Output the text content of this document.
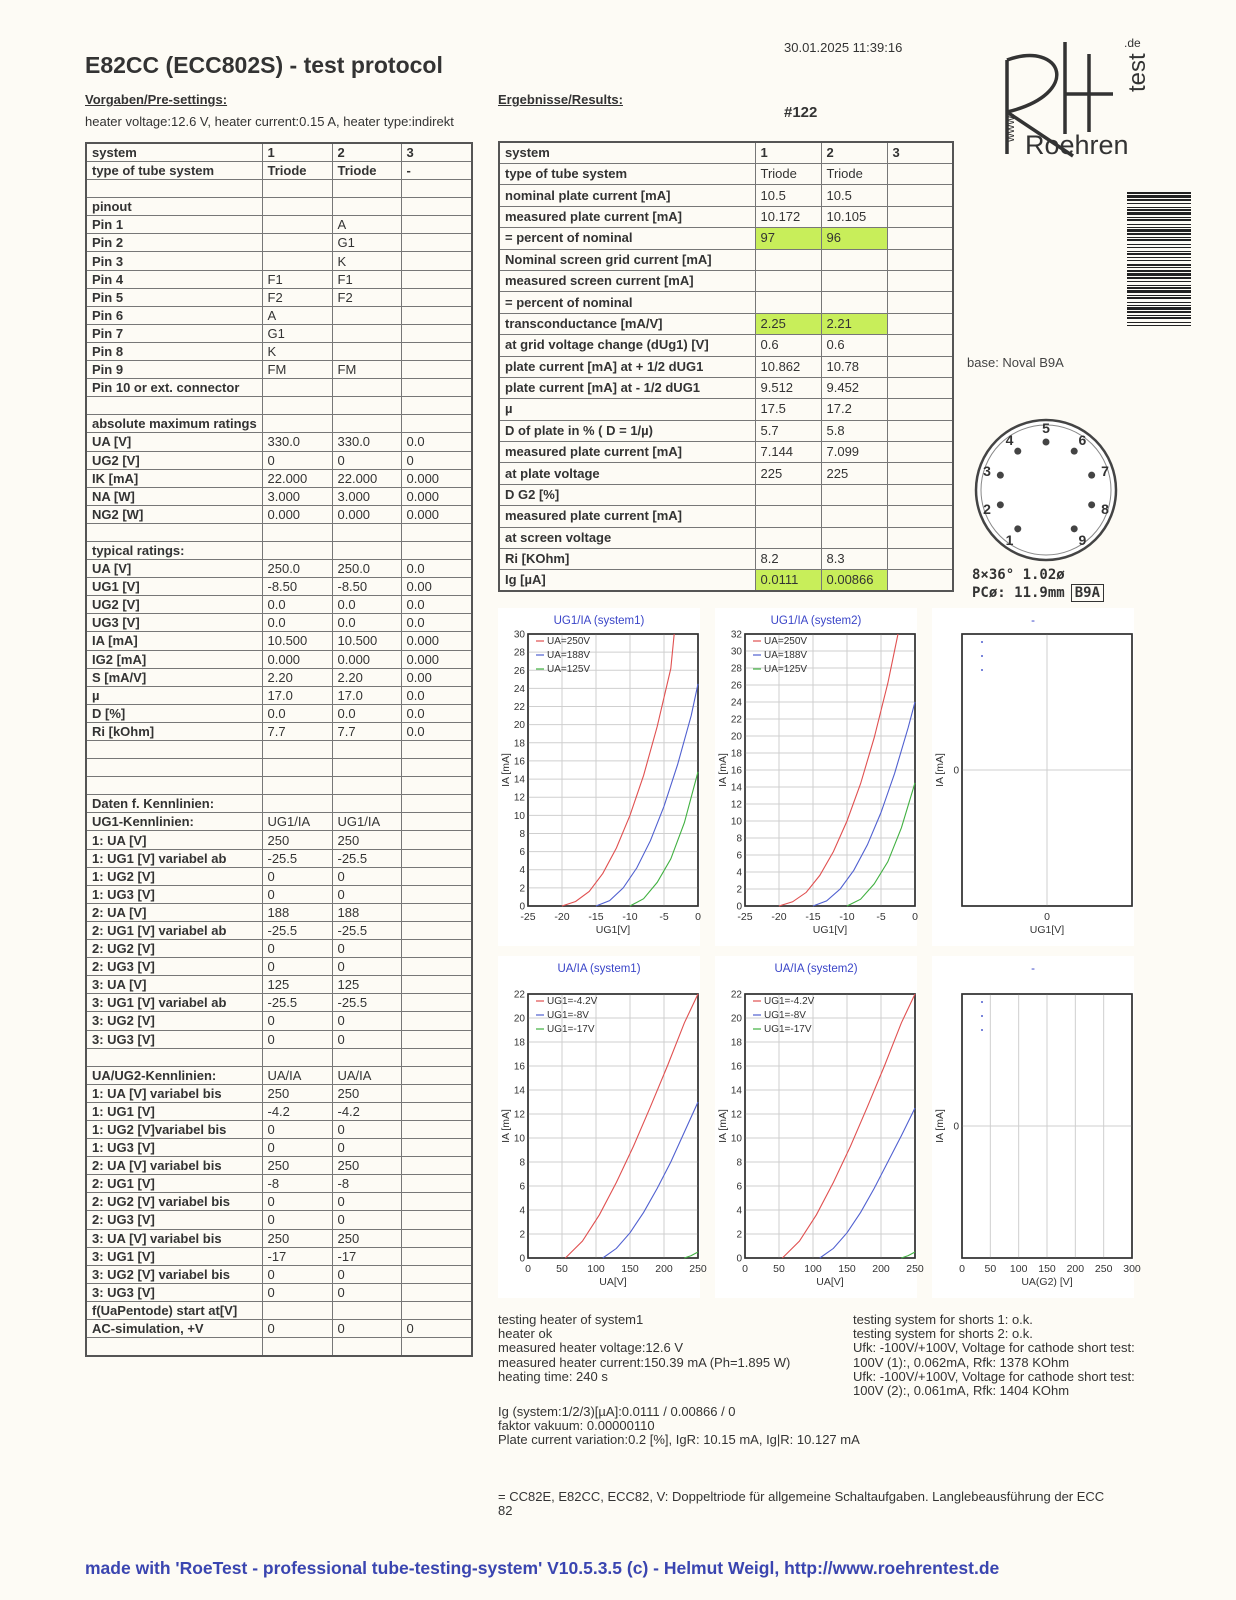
E82CC (ECC802S) - test protocol
30.01.2025 11:39:16
Roehren
www.
test
.de
Vorgaben/Pre-settings:
heater voltage:12.6 V, heater current:0.15 A, heater type:indirekt
Ergebnisse/Results:
#122
system	1	2	3
type of tube system	Triode	Triode	-

pinout			
Pin 1		A	
Pin 2		G1	
Pin 3		K	
Pin 4	F1	F1	
Pin 5	F2	F2	
Pin 6	A		
Pin 7	G1		
Pin 8	K		
Pin 9	FM	FM	
Pin 10 or ext. connector			

absolute maximum ratings			
UA [V]	330.0	330.0	0.0
UG2 [V]	0	0	0
IK [mA]	22.000	22.000	0.000
NA [W]	3.000	3.000	0.000
NG2 [W]	0.000	0.000	0.000

typical ratings:			
UA [V]	250.0	250.0	0.0
UG1 [V]	-8.50	-8.50	0.00
UG2 [V]	0.0	0.0	0.0
UG3 [V]	0.0	0.0	0.0
IA [mA]	10.500	10.500	0.000
IG2 [mA]	0.000	0.000	0.000
S [mA/V]	2.20	2.20	0.00
µ	17.0	17.0	0.0
D [%]	0.0	0.0	0.0
Ri [kOhm]	7.7	7.7	0.0

Daten f. Kennlinien:			
UG1-Kennlinien:	UG1/IA	UG1/IA	
1: UA [V]	250	250	
1: UG1 [V] variabel ab	-25.5	-25.5	
1: UG2 [V]	0	0	
1: UG3 [V]	0	0	
2: UA [V]	188	188	
2: UG1 [V] variabel ab	-25.5	-25.5	
2: UG2 [V]	0	0	
2: UG3 [V]	0	0	
3: UA [V]	125	125	
3: UG1 [V] variabel ab	-25.5	-25.5	
3: UG2 [V]	0	0	
3: UG3 [V]	0	0	

UA/UG2-Kennlinien:	UA/IA	UA/IA	
1: UA [V] variabel bis	250	250	
1: UG1 [V]	-4.2	-4.2	
1: UG2 [V]variabel bis	0	0	
1: UG3 [V]	0	0	
2: UA [V] variabel bis	250	250	
2: UG1 [V]	-8	-8	
2: UG2 [V] variabel bis	0	0	
2: UG3 [V]	0	0	
3: UA [V] variabel bis	250	250	
3: UG1 [V]	-17	-17	
3: UG2 [V] variabel bis	0	0	
3: UG3 [V]	0	0	
f(UaPentode) start at[V]			
AC-simulation, +V	0	0	0

system	1	2	3
type of tube system	Triode	Triode	
nominal plate current [mA]	10.5	10.5	
measured plate current [mA]	10.172	10.105	
= percent of nominal	97	96	
Nominal screen grid current [mA]			
measured screen current [mA]			
= percent of nominal			
transconductance [mA/V]	2.25	2.21	
at grid voltage change (dUg1) [V]	0.6	0.6	
plate current [mA] at + 1/2 dUG1	10.862	10.78	
plate current [mA] at - 1/2 dUG1	9.512	9.452	
µ	17.5	17.2	
D of plate in % ( D = 1/µ)	5.7	5.8	
measured plate current [mA]	7.144	7.099	
at plate voltage	225	225	
D G2 [%]			
measured plate current [mA]			
at screen voltage			
Ri [KOhm]	8.2	8.3	
Ig [µA]	0.0111	0.00866	
base: Noval B9A
1
2
3
4
5
6
7
8
9
8×36° 1.02ø
PCø: 11.9mm B9A
UG1/IA (system1)
-25 -20 -15 -10 -5	0
0
2
4
6
8
10
12
14
16
18
20
22
24
26
28
30
UG1[V]
IA [mA]
UA=250V
UA=188V
UA=125V
UG1/IA (system2)
-25 -20 -15 -10 -5	0
0
2
4
6
8
10
12
14
16
18
20
22
24
26
28
30
32
UG1[V]
IA [mA]
UA=250V
UA=188V
UA=125V
-
0
0
UG1[V]
IA [mA]
UA/IA (system1)
0 50 100 150 200 250
0
2
4
6
8
10
12
14
16
18
20
22
UA[V]
IA [mA]
UG1=-4.2V
UG1=-8V
UG1=-17V
UA/IA (system2)
0 50 100 150 200 250
0
2
4
6
8
10
12
14
16
18
20
22
UA[V]
IA [mA]
UG1=-4.2V
UG1=-8V
UG1=-17V
-
0 50 100 150 200 250 300
0
UA(G2) [V]
IA [mA]
testing heater of system1
heater ok
measured heater voltage:12.6 V
measured heater current:150.39 mA (Ph=1.895 W)
heating time: 240 s
testing system for shorts 1: o.k.
testing system for shorts 2: o.k.
Ufk: -100V/+100V, Voltage for cathode short test:
100V (1):, 0.062mA, Rfk: 1378 KOhm
Ufk: -100V/+100V, Voltage for cathode short test:
100V (2):, 0.061mA, Rfk: 1404 KOhm
Ig (system:1/2/3)[µA]:0.0111 / 0.00866 / 0
faktor vakuum: 0.00000110
Plate current variation:0.2 [%], IgR: 10.15 mA, Ig|R: 10.127 mA
= CC82E, E82CC, ECC82, V: Doppeltriode für allgemeine Schaltaufgaben. Langlebeausführung der ECC
82
made with 'RoeTest - professional tube-testing-system' V10.5.3.5 (c) - Helmut Weigl, http://www.roehrentest.de
